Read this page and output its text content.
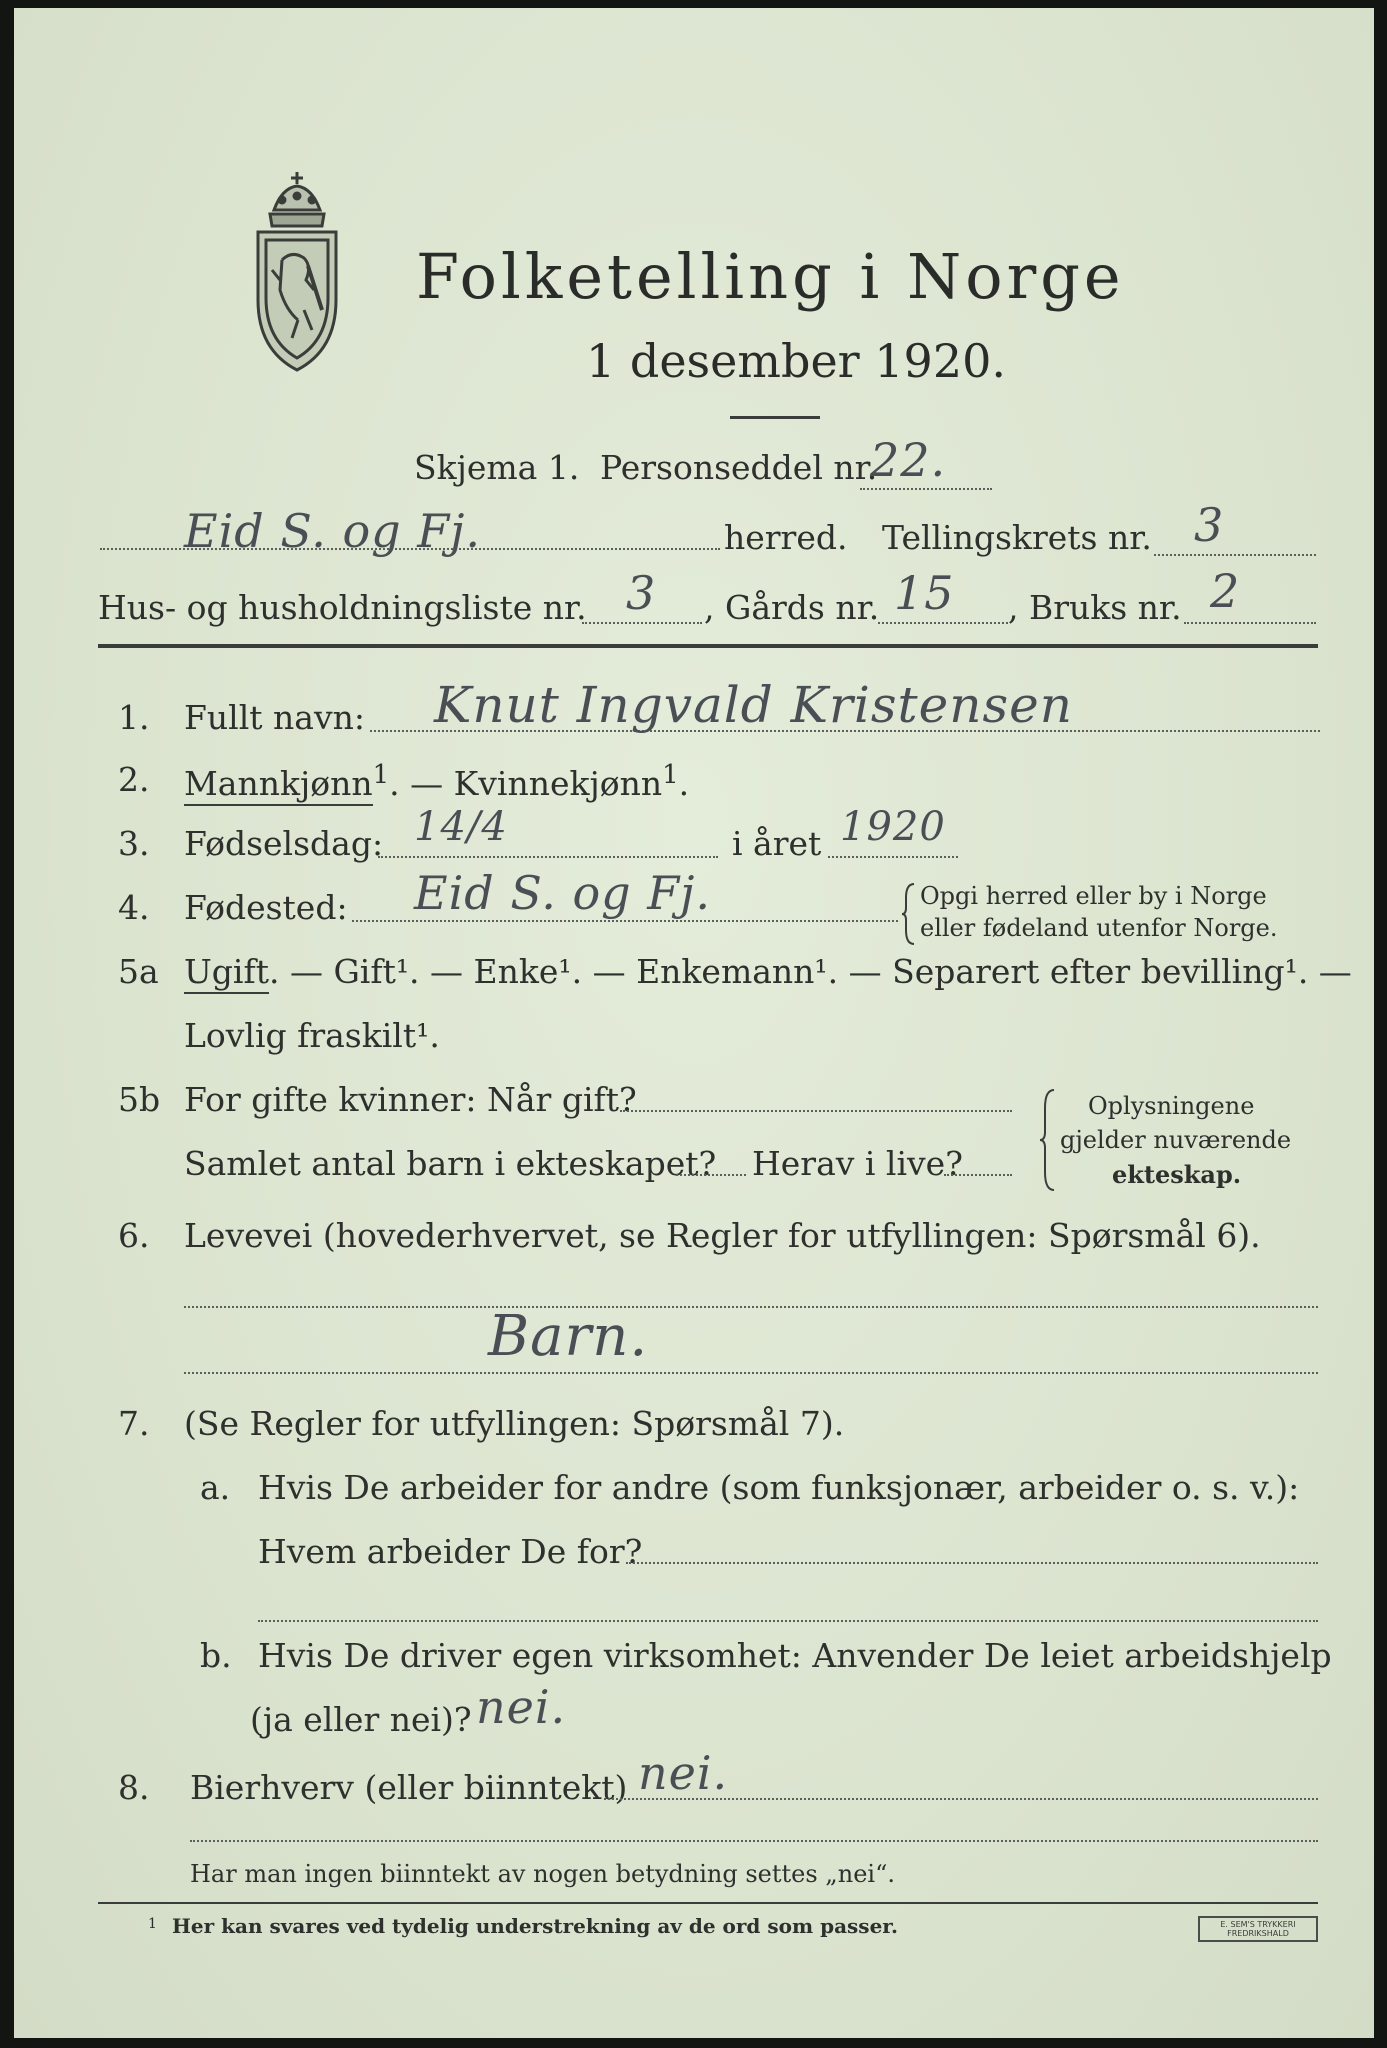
Folketelling i Norge
1 desember 1920.
Skjema 1. Personseddel nr.
22.
Eid S. og Fj.	herred. Tellingskrets nr. 3
Hus- og husholdningsliste nr. 3 , Gårds nr. 15 , Bruks nr. 2
1. Fullt navn: Knut Ingvald Kristensen
2. Mannkjønn$^1$. — Kvinnekjønn$^1$.
3. Fødselsdag: 14/4	i året 1920
4. Fødested: Eid S. og Fj.	Opgi herred eller by i Norge
eller fødeland utenfor Norge.
5a Ugift. — Gift¹. — Enke¹. — Enkemann¹. — Separert efter bevilling¹. —
Lovlig fraskilt¹.
5b For gifte kvinner: Når gift?
Samlet antal barn i ekteskapet? Herav i live?
Oplysningene
gjelder nuværende
ekteskap.
6. Levevei (hovederhvervet, se Regler for utfyllingen: Spørsmål 6).
Barn.
7. (Se Regler for utfyllingen: Spørsmål 7).
a. Hvis De arbeider for andre (som funksjonær, arbeider o. s. v.):
Hvem arbeider De for?
b. Hvis De driver egen virksomhet: Anvender De leiet arbeidshjelp
(ja eller nei)? nei.
8. Bierhverv (eller biinntekt) nei.
Har man ingen biinntekt av nogen betydning settes „nei“.
1 Her kan svares ved tydelig understrekning av de ord som passer.	E. SEM'S TRYKKERI
FREDRIKSHALD
